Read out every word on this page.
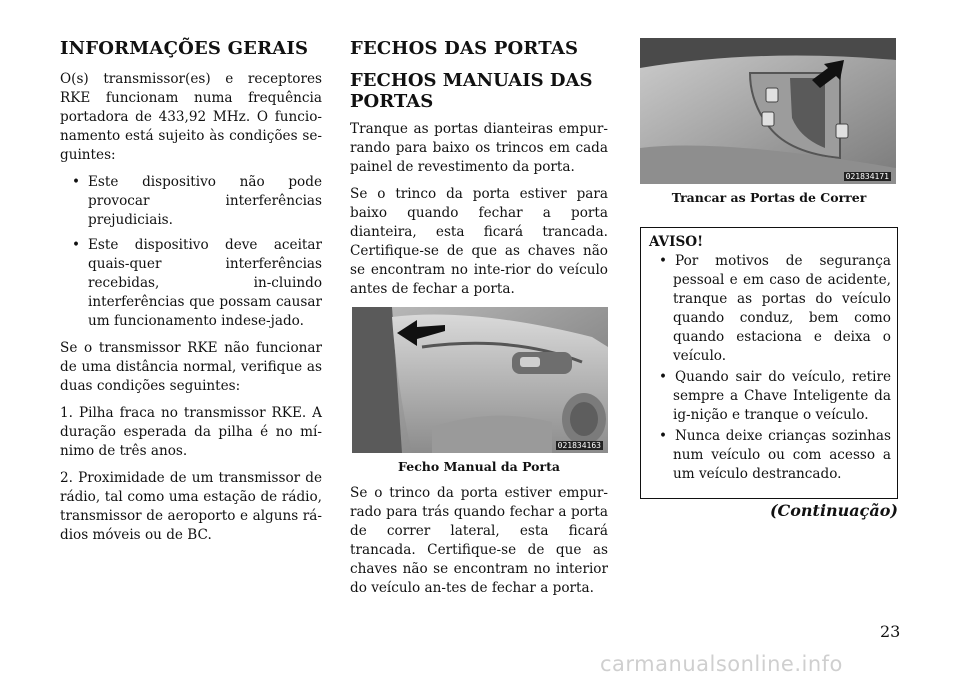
INFORMAÇÕES GERAIS

O(s) transmissor(es) e receptores RKE funcionam numa frequência portadora de 433,92 MHz. O funcio-namento está sujeito às condições se-guintes:

• Este dispositivo não pode provocar interferências prejudiciais.
• Este dispositivo deve aceitar quais-quer interferências recebidas, in-cluindo interferências que possam causar um funcionamento indese-jado.

Se o transmissor RKE não funcionar de uma distância normal, verifique as duas condições seguintes:

1. Pilha fraca no transmissor RKE. A duração esperada da pilha é no mí-nimo de três anos.

2. Proximidade de um transmissor de rádio, tal como uma estação de rádio, transmissor de aeroporto e alguns rá-dios móveis ou de BC.

FECHOS DAS PORTAS
FECHOS MANUAIS DAS PORTAS

Tranque as portas dianteiras empur-rando para baixo os trincos em cada painel de revestimento da porta.

Se o trinco da porta estiver para baixo quando fechar a porta dianteira, esta ficará trancada. Certifique-se de que as chaves não se encontram no inte-rior do veículo antes de fechar a porta.

021834163
Fecho Manual da Porta

Se o trinco da porta estiver empur-rado para trás quando fechar a porta de correr lateral, esta ficará trancada. Certifique-se de que as chaves não se encontram no interior do veículo an-tes de fechar a porta.

021834171
Trancar as Portas de Correr
AVISO!
• Por motivos de segurança pessoal e em caso de acidente, tranque as portas do veículo quando conduz, bem como quando estaciona e deixa o veículo.
• Quando sair do veículo, retire sempre a Chave Inteligente da ig-nição e tranque o veículo.
• Nunca deixe crianças sozinhas num veículo ou com acesso a um veículo destrancado.
(Continuação)
23
carmanualsonline.info
